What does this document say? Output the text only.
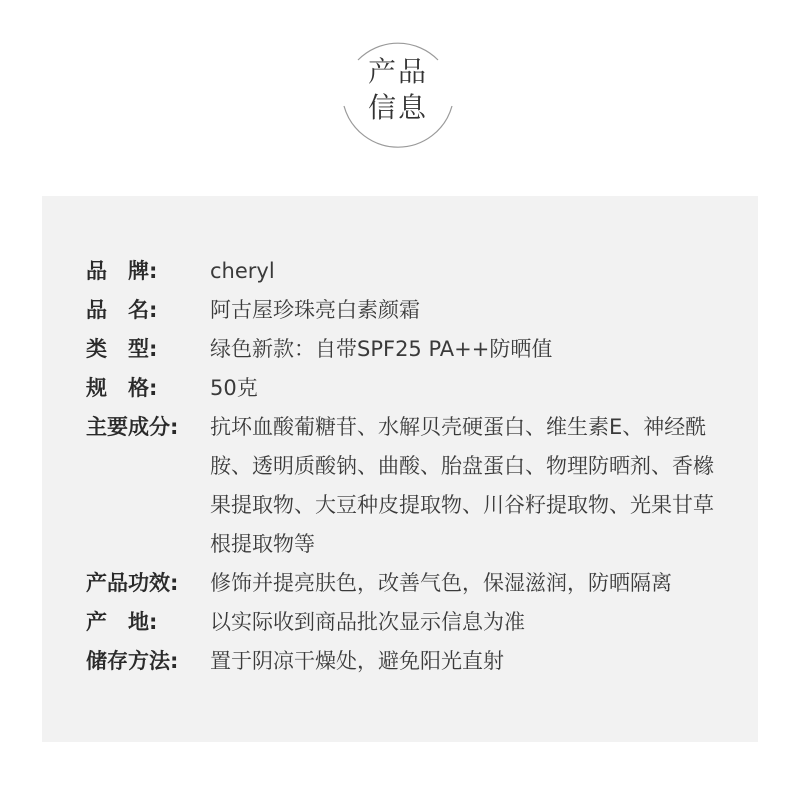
产品
信息
品　牌:	cheryl
品　名:	阿古屋珍珠亮白素颜霜
类　型:	绿色新款：自带SPF25 PA++防晒值
规　格:	50克
主要成分:	抗坏血酸葡糖苷、水解贝壳硬蛋白、维生素E、神经酰胺、透明质酸钠、曲酸、胎盘蛋白、物理防晒剂、香橼果提取物、大豆种皮提取物、川谷籽提取物、光果甘草根提取物等
产品功效:	修饰并提亮肤色，改善气色，保湿滋润，防晒隔离
产　地:	以实际收到商品批次显示信息为准
储存方法:	置于阴凉干燥处，避免阳光直射
